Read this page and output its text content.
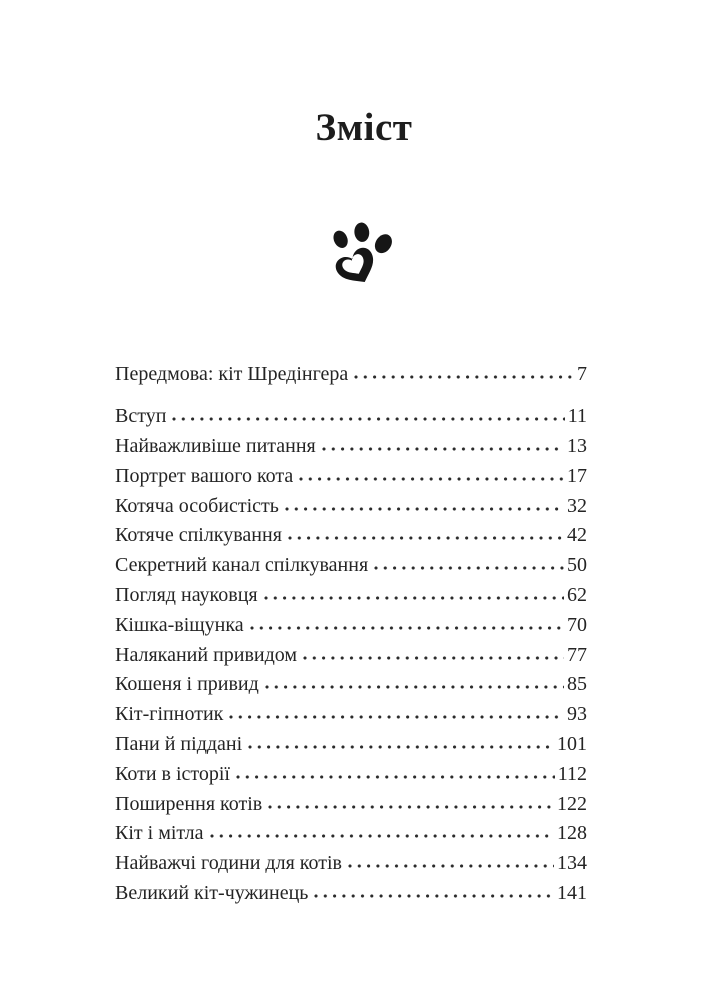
Зміст
Передмова: кіт Шредінгера	7
Вступ	11
Найважливіше питання	13
Портрет вашого кота	17
Котяча особистість	32
Котяче спілкування	42
Секретний канал спілкування	50
Погляд науковця	62
Кішка-віщунка	70
Наляканий привидом	77
Кошеня і привид	85
Кіт-гіпнотик	93
Пани й піддані	101
Коти в історії	112
Поширення котів	122
Кіт і мітла	128
Найважчі години для котів	134
Великий кіт-чужинець	141
